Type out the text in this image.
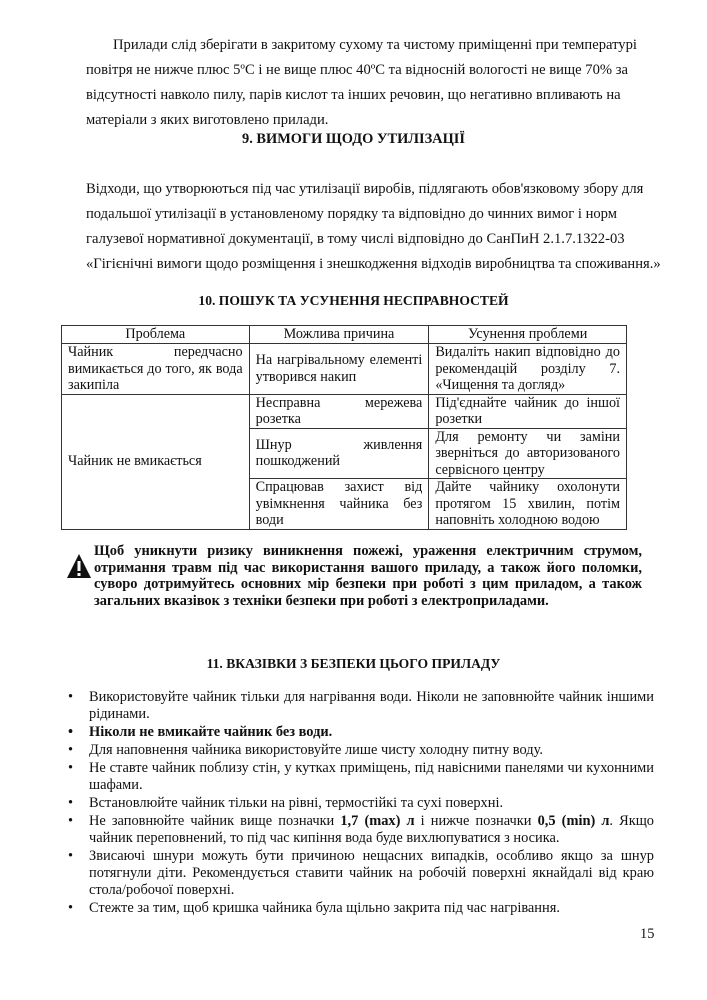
Прилади слід зберігати в закритому сухому та чистому приміщенні при температурі
повітря не нижче плюс 5ºС і не вище плюс 40ºС та відносній вологості не вище 70% за
відсутності навколо пилу, парів кислот та інших речовин, що негативно впливають на
матеріали з яких виготовлено прилади.
9. ВИМОГИ ЩОДО УТИЛІЗАЦІЇ
Відходи, що утворюються під час утилізації виробів, підлягають обов'язковому збору для
подальшої утилізації в установленому порядку та відповідно до чинних вимог і норм
галузевої нормативної документації, в тому числі відповідно до СанПиН 2.1.7.1322-03
«Гігієнічні вимоги щодо розміщення і знешкодження відходів виробництва та споживання.»
10. ПОШУК ТА УСУНЕННЯ НЕСПРАВНОСТЕЙ
Проблема	Можлива причина	Усунення проблеми
Чайник передчасно вимикається до того, як вода закипіла	На нагрівальному елементі утворився накип	Видаліть накип відповідно до рекомендацій розділу 7. «Чищення та догляд»
Чайник не вмикається	Несправна мережева розетка	Під'єднайте чайник до іншої розетки
	Шнур живлення пошкоджений	Для ремонту чи заміни зверніться до авторизованого сервісного центру
	Спрацював захист від увімкнення чайника без води	Дайте чайнику охолонути протягом 15 хвилин, потім наповніть холодною водою
Щоб уникнути ризику виникнення пожежі, ураження електричним струмом, отримання травм під час використання вашого приладу, а також його поломки, суворо дотримуйтесь основних мір безпеки при роботі з цим приладом, а також загальних вказівок з техніки безпеки при роботі з електроприладами.
11. ВКАЗІВКИ З БЕЗПЕКИ ЦЬОГО ПРИЛАДУ
• Використовуйте чайник тільки для нагрівання води. Ніколи не заповнюйте чайник іншими рідинами.
• Ніколи не вмикайте чайник без води.
• Для наповнення чайника використовуйте лише чисту холодну питну воду.
• Не ставте чайник поблизу стін, у кутках приміщень, під навісними панелями чи кухонними шафами.
• Встановлюйте чайник тільки на рівні, термостійкі та сухі поверхні.
• Не заповнюйте чайник вище позначки 1,7 (max) л і нижче позначки 0,5 (min) л. Якщо чайник переповнений, то під час кипіння вода буде вихлюпуватися з носика.
• Звисаючі шнури можуть бути причиною нещасних випадків, особливо якщо за шнур потягнули діти. Рекомендується ставити чайник на робочій поверхні якнайдалі від краю стола/робочої поверхні.
• Стежте за тим, щоб кришка чайника була щільно закрита під час нагрівання.
15
